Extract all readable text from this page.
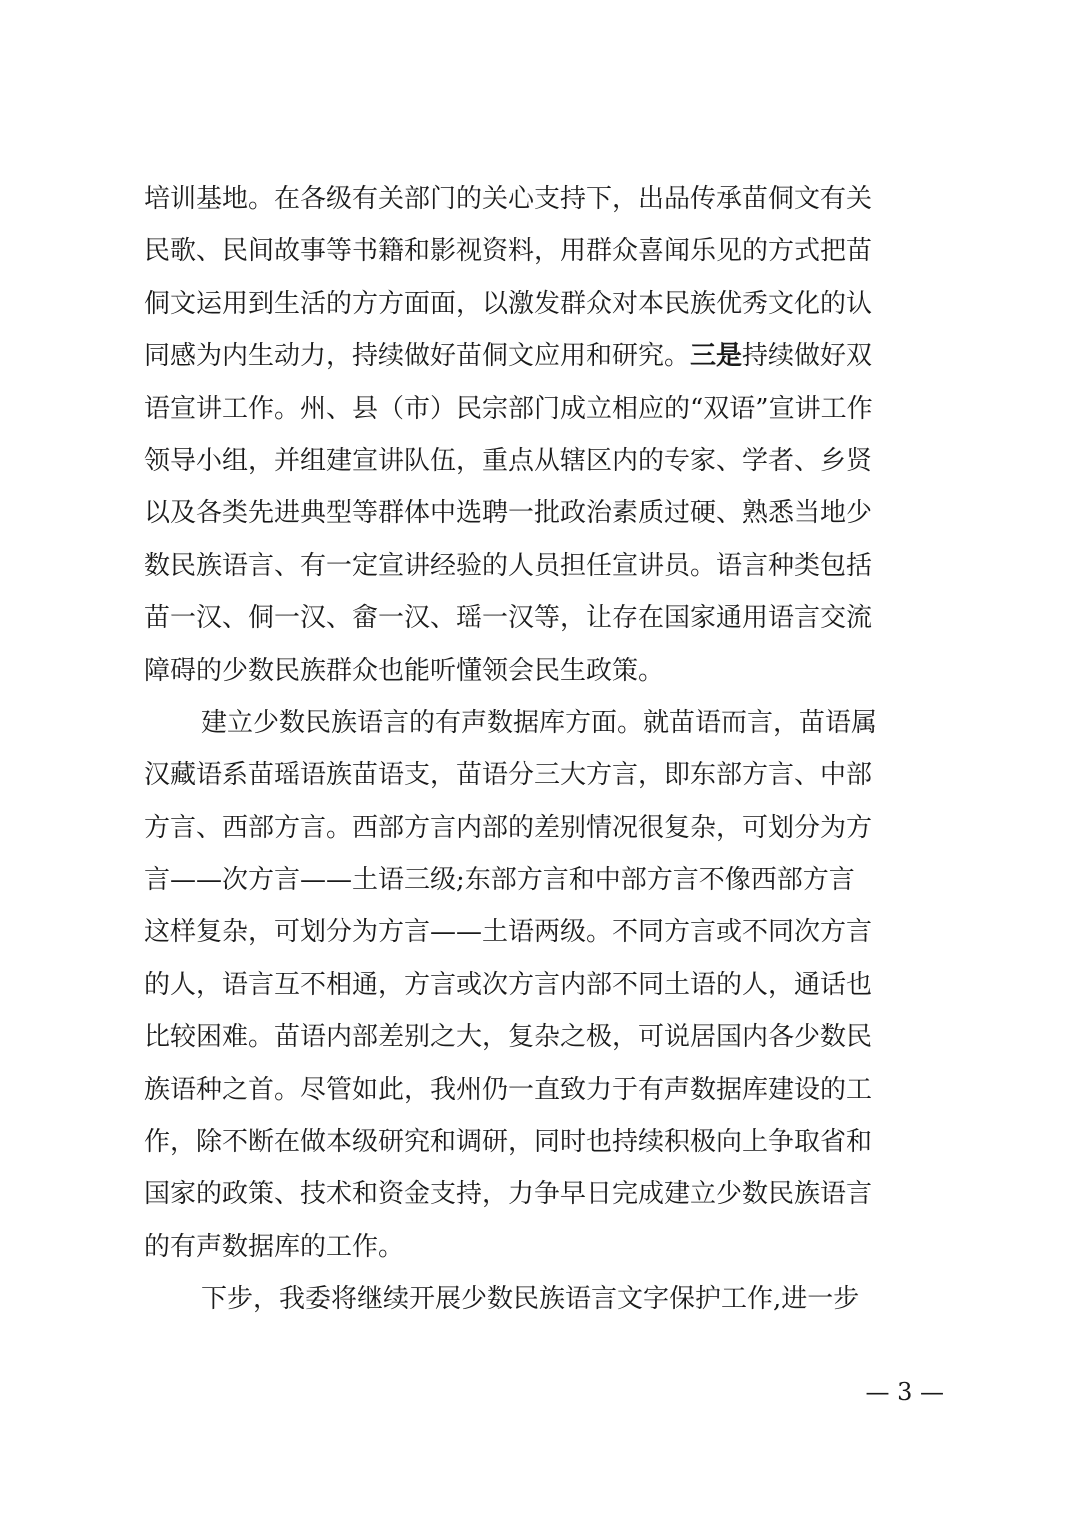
培训基地。在各级有关部门的关心支持下，出品传承苗侗文有关
民歌、民间故事等书籍和影视资料，用群众喜闻乐见的方式把苗
侗文运用到生活的方方面面，以激发群众对本民族优秀文化的认
同感为内生动力，持续做好苗侗文应用和研究。三是持续做好双
语宣讲工作。州、县（市）民宗部门成立相应的“双语”宣讲工作
领导小组，并组建宣讲队伍，重点从辖区内的专家、学者、乡贤
以及各类先进典型等群体中选聘一批政治素质过硬、熟悉当地少
数民族语言、有一定宣讲经验的人员担任宣讲员。语言种类包括
苗一汉、侗一汉、畲一汉、瑶一汉等，让存在国家通用语言交流
障碍的少数民族群众也能听懂领会民生政策。
建立少数民族语言的有声数据库方面。就苗语而言，苗语属
汉藏语系苗瑶语族苗语支，苗语分三大方言，即东部方言、中部
方言、西部方言。西部方言内部的差别情况很复杂，可划分为方
言——次方言——土语三级;东部方言和中部方言不像西部方言
这样复杂，可划分为方言——土语两级。不同方言或不同次方言
的人，语言互不相通，方言或次方言内部不同土语的人，通话也
比较困难。苗语内部差别之大，复杂之极，可说居国内各少数民
族语种之首。尽管如此，我州仍一直致力于有声数据库建设的工
作，除不断在做本级研究和调研，同时也持续积极向上争取省和
国家的政策、技术和资金支持，力争早日完成建立少数民族语言
的有声数据库的工作。
下步，我委将继续开展少数民族语言文字保护工作,进一步
— 3 —
